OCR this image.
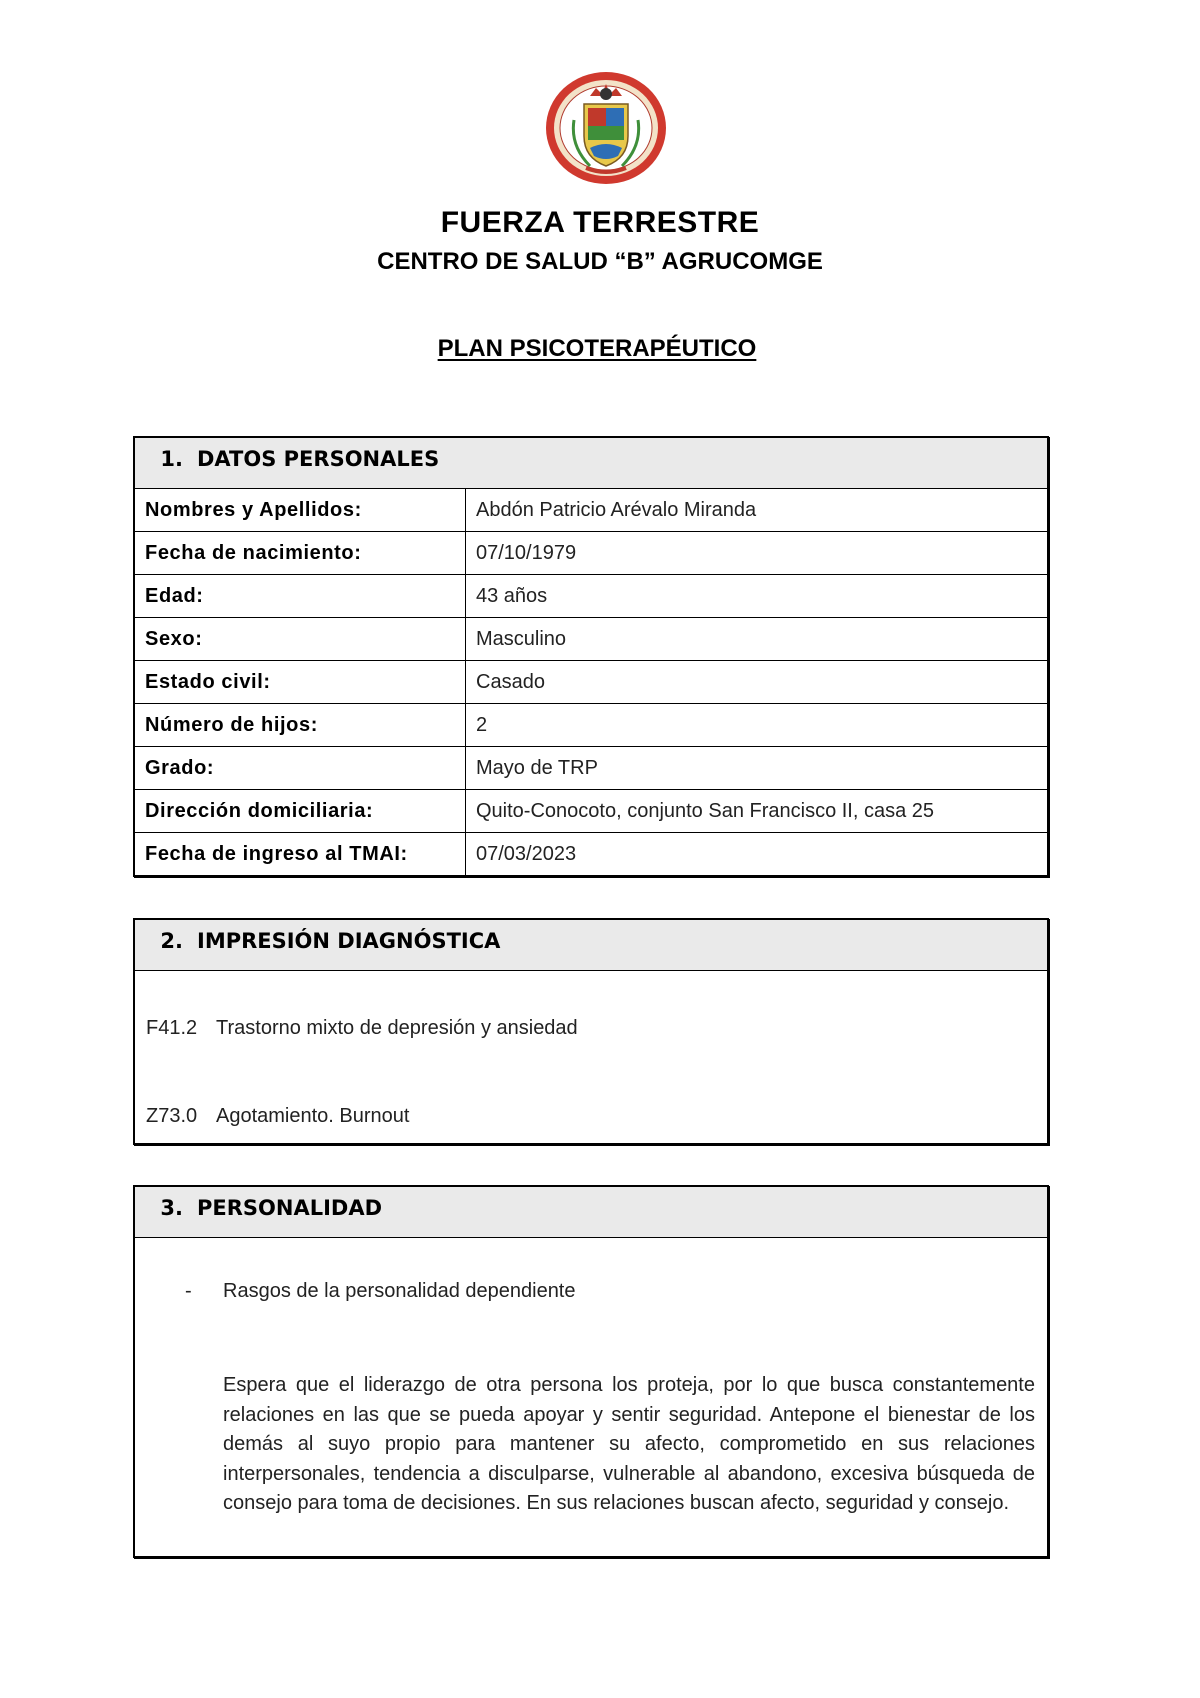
FUERZA TERRESTRE
CENTRO DE SALUD “B” AGRUCOMGE
PLAN PSICOTERAPÉUTICO
1. DATOS PERSONALES	

Nombres y Apellidos:	Abdón Patricio Arévalo Miranda
Fecha de nacimiento:	07/10/1979
Edad:	43 años
Sexo:	Masculino
Estado civil:	Casado
Número de hijos:	2
Grado:	Mayo de TRP
Dirección domiciliaria:	Quito-Conocoto, conjunto San Francisco II, casa 25
Fecha de ingreso al TMAI:	07/03/2023
2. IMPRESIÓN DIAGNÓSTICA

F41.2 Trastorno mixto de depresión y ansiedad
Z73.0 Agotamiento. Burnout
3. PERSONALIDAD

- Rasgos de la personalidad dependiente
Espera que el liderazgo de otra persona los proteja, por lo que busca constantemente relaciones en las que se pueda apoyar y sentir seguridad. Antepone el bienestar de los demás al suyo propio para mantener su afecto, comprometido en sus relaciones interpersonales, tendencia a disculparse, vulnerable al abandono, excesiva búsqueda de consejo para toma de decisiones. En sus relaciones buscan afecto, seguridad y consejo.
